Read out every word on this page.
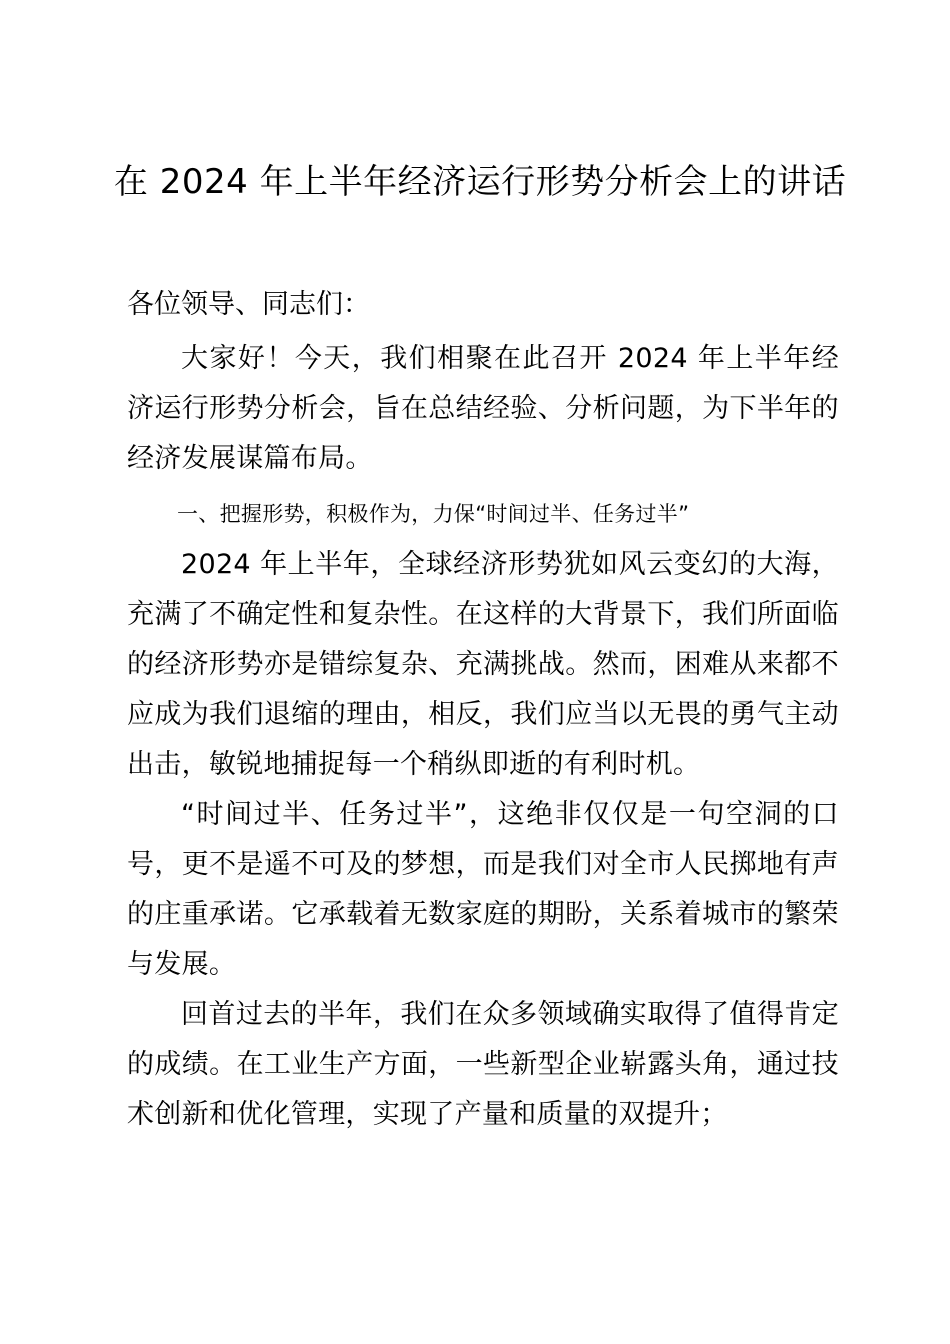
在 2024 年上半年经济运行形势分析会上的讲话

各位领导、同志们：

大家好！今天，我们相聚在此召开 2024 年上半年经济运行形势分析会，旨在总结经验、分析问题，为下半年的经济发展谋篇布局。

一、把握形势，积极作为，力保“时间过半、任务过半”

2024 年上半年，全球经济形势犹如风云变幻的大海，充满了不确定性和复杂性。在这样的大背景下，我们所面临的经济形势亦是错综复杂、充满挑战。然而，困难从来都不应成为我们退缩的理由，相反，我们应当以无畏的勇气主动出击，敏锐地捕捉每一个稍纵即逝的有利时机。

“时间过半、任务过半”，这绝非仅仅是一句空洞的口号，更不是遥不可及的梦想，而是我们对全市人民掷地有声的庄重承诺。它承载着无数家庭的期盼，关系着城市的繁荣与发展。

回首过去的半年，我们在众多领域确实取得了值得肯定的成绩。在工业生产方面，一些新型企业崭露头角，通过技术创新和优化管理，实现了产量和质量的双提升；
